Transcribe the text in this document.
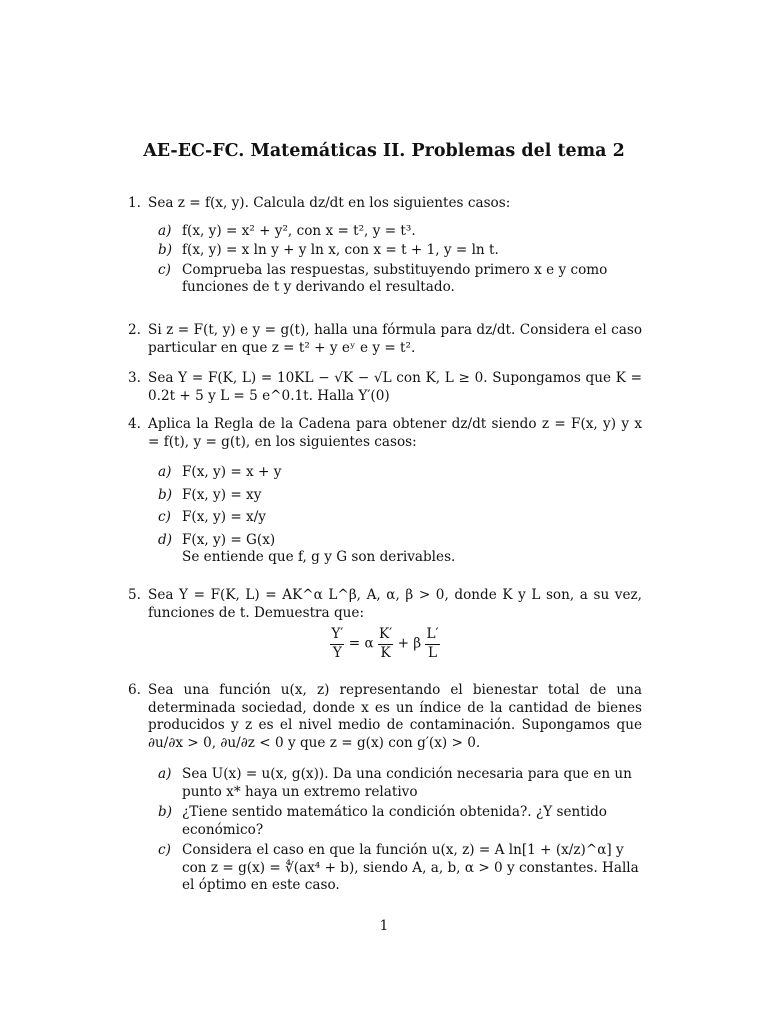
AE-EC-FC. Matemáticas II. Problemas del tema 2
1. Sea z = f(x, y). Calcula dz/dt en los siguientes casos:
a) f(x, y) = x² + y², con x = t², y = t³.
b) f(x, y) = x ln y + y ln x, con x = t + 1, y = ln t.
c) Comprueba las respuestas, substituyendo primero x e y como funciones de t y derivando el resultado.
2. Si z = F(t, y) e y = g(t), halla una fórmula para dz/dt. Considera el caso particular en que z = t² + y eʸ e y = t².
3. Sea Y = F(K, L) = 10KL − √K − √L con K, L ≥ 0. Supongamos que K = 0.2t + 5 y L = 5 e^0.1t. Halla Y′(0)
4. Aplica la Regla de la Cadena para obtener dz/dt siendo z = F(x, y) y x = f(t), y = g(t), en los siguientes casos:
a) F(x, y) = x + y
b) F(x, y) = xy
c) F(x, y) = x/y
d) F(x, y) = G(x)
Se entiende que f, g y G son derivables.
5. Sea Y = F(K, L) = AK^α L^β, A, α, β > 0, donde K y L son, a su vez, funciones de t. Demuestra que:
$\frac{Y'}{Y} = \alpha \frac{K'}{K} + \beta \frac{L'}{L}$
6. Sea una función u(x, z) representando el bienestar total de una determinada sociedad, donde x es un índice de la cantidad de bienes producidos y z es el nivel medio de contaminación. Supongamos que ∂u/∂x > 0, ∂u/∂z < 0 y que z = g(x) con g′(x) > 0.
a) Sea U(x) = u(x, g(x)). Da una condición necesaria para que en un punto x* haya un extremo relativo
b) ¿Tiene sentido matemático la condición obtenida?. ¿Y sentido económico?
c) Considera el caso en que la función u(x, z) = A ln[1 + (x/z)^α] y con z = g(x) = ∜(ax⁴ + b), siendo A, a, b, α > 0 y constantes. Halla el óptimo en este caso.
1
